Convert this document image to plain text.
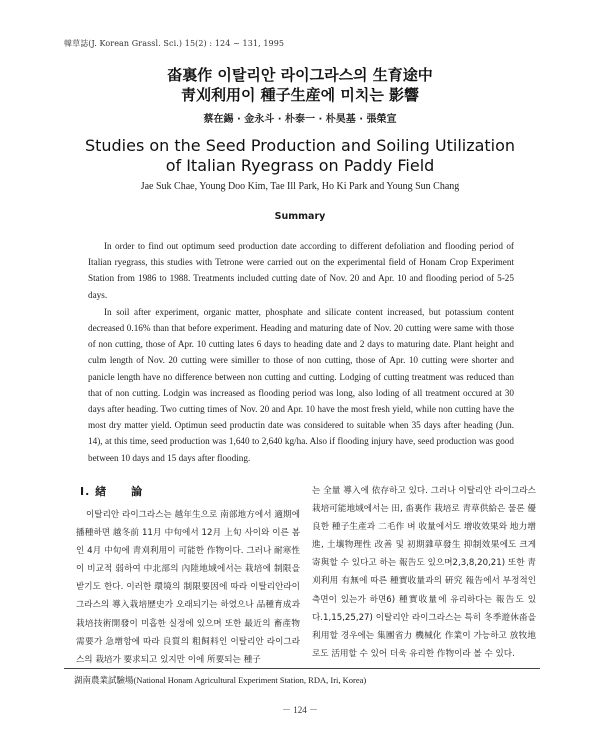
韓草誌(J. Korean Grassl. Sci.) 15(2) : 124 ~ 131, 1995
畓裏作 이탈리안 라이그라스의 生育途中
靑刈利用이 種子生産에 미치는 影響
蔡在錫 · 金永斗 · 朴泰一 · 朴昊基 · 張榮宣
Studies on the Seed Production and Soiling Utilization
of Italian Ryegrass on Paddy Field
Jae Suk Chae, Young Doo Kim, Tae Ill Park, Ho Ki Park and Young Sun Chang
Summary

In order to find out optimum seed production date according to different defoliation and flooding period of Italian ryegrass, this studies with Tetrone were carried out on the experimental field of Honam Crop Experiment Station from 1986 to 1988. Treatments included cutting date of Nov. 20 and Apr. 10 and flooding period of 5-25 days.

In soil after experiment, organic matter, phosphate and silicate content increased, but potassium content decreased 0.16% than that before experiment. Heading and maturing date of Nov. 20 cutting were same with those of non cutting, those of Apr. 10 cutting lates 6 days to heading date and 2 days to maturing date. Plant height and culm length of Nov. 20 cutting were similler to those of non cutting, those of Apr. 10 cutting were shorter and panicle length have no difference between non cutting and cutting. Lodging of cutting treatment was reduced than that of non cutting. Lodgin was increased as flooding period was long, also loding of all treatment occured at 30 days after heading. Two cutting times of Nov. 20 and Apr. 10 have the most fresh yield, while non cutting have the most dry matter yield. Optimun seed productin date was considered to suitable when 35 days after heading (Jun. 14), at this time, seed production was 1,640 to 2,640 kg/ha. Also if flooding injury have, seed production was good between 10 days and 15 days after flooding.

Ⅰ. 緖　　論

이탈리안 라이그라스는 越年生으로 南部地方에서 適期에 播種하면 越冬前 11月 中旬에서 12月 上旬 사이와 이른 봄인 4月 中旬에 靑刈利用이 可能한 作物이다. 그러나 耐寒性이 비교적 弱하여 中北部의 內陸地域에서는 栽培에 制限을 받기도 한다. 이러한 環境의 制限要因에 따라 이탈리안라이그라스의 導入栽培歷史가 오래되기는 하였으나 品種育成과 栽培技術開發이 미흡한 실정에 있으며 또한 最近의 畜產物 需要가 急增함에 따라 良質의 粗飼料인 이탈리안 라이그라스의 栽培가 要求되고 있지만 이에 所要되는 種子

는 全量 導入에 依存하고 있다. 그러나 이탈리안 라이그라스 栽培可能地域에서는 田, 畓裏作 栽培로 靑草供給은 물론 優良한 種子生產과 二毛作 벼 收量에서도 增收效果와 地力增進, 土壤物理性 改善 및 初期雜草發生 抑制效果에도 크게 寄與할 수 있다고 하는 報告도 있으며2,3,8,20,21) 또한 靑刈利用 有無에 따른 種實收量과의 硏究 報告에서 부정적인 측면이 있는가 하면6) 種實收量에 유리하다는 報告도 있다.1,15,25,27) 이탈리안 라이그라스는 특히 冬季遊休畓을 利用할 경우에는 集團省力 機械化 作業이 가능하고 放牧地로도 活用할 수 있어 더욱 유리한 作物이라 볼 수 있다.

湖南農業試驗場(National Honam Agricultural Experiment Station, RDA, Iri, Korea)
－ 124 －
